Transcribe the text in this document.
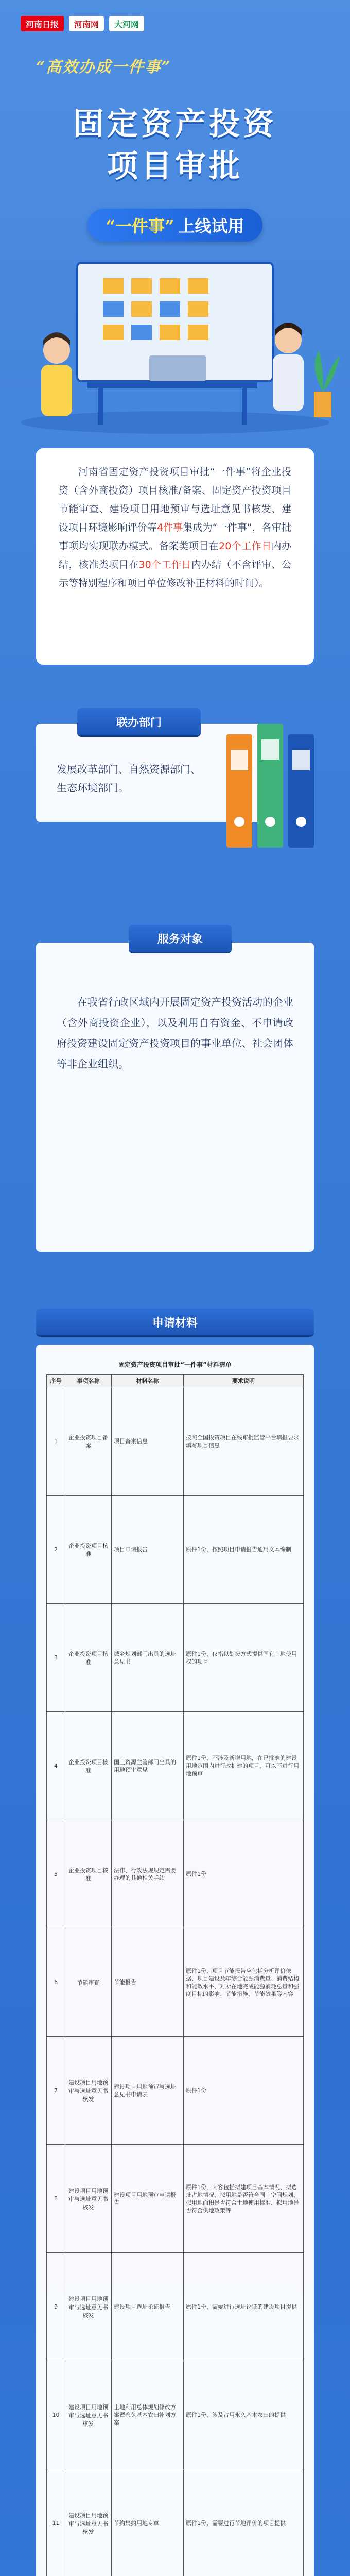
河南日报 河南网 大河网
“高效办成一件事”
固定资产投资
项目审批
“一件事” 上线试用

河南省固定资产投资项目审批“一件事”将企业投资（含外商投资）项目核准/备案、固定资产投资项目节能审查、建设项目用地预审与选址意见书核发、建设项目环境影响评价等4件事集成为“一件事”，各审批事项均实现联办模式。备案类项目在20个工作日内办结，核准类项目在30个工作日内办结（不含评审、公示等特别程序和项目单位修改补正材料的时间）。

发展改革部门、自然资源部门、

生态环境部门。

联办部门

在我省行政区域内开展固定资产投资活动的企业（含外商投资企业），以及利用自有资金、不申请政府投资建设固定资产投资项目的事业单位、社会团体等非企业组织。

服务对象
申请材料
固定资产投资项目审批“一件事”材料清单
序号	事项名称	材料名称	要求说明
1	企业投资项目备案	项目备案信息	按照全国投资项目在线审批监管平台填报要求填写项目信息
2	企业投资项目核准	项目申请报告	原件1份，按照项目申请报告通用文本编制
3	企业投资项目核准	城乡规划部门出具的选址意见书	原件1份，仅指以划拨方式提供国有土地使用权的项目
4	企业投资项目核准	国土资源主管部门出具的用地预审意见	原件1份，不涉及新增用地，在已批准的建设用地范围内进行改扩建的项目，可以不进行用地预审
5	企业投资项目核准	法律、行政法规规定需要办理的其他相关手续	原件1份
6	节能审查	节能报告	原件1份，项目节能报告应包括分析评价依据、项目建设及年综合能源消费量、消费结构和能效水平、对所在地完成能源消耗总量和强度目标的影响、节能措施、节能效果等内容
7	建设项目用地预审与选址意见书核发	建设项目用地预审与选址意见书申请表	原件1份
8	建设项目用地预审与选址意见书核发	建设项目用地预审申请报告	原件1份，内容包括拟建项目基本情况、拟选址占地情况、拟用地是否符合国土空间规划、拟用地面积是否符合土地使用标准、拟用地是否符合供地政策等
9	建设项目用地预审与选址意见书核发	建设项目选址论证报告	原件1份，需要进行选址论证的建设项目提供
10	建设项目用地预审与选址意见书核发	土地利用总体规划修改方案暨永久基本农田补划方案	原件1份，涉及占用永久基本农田的提供
11	建设项目用地预审与选址意见书核发	节约集约用地专章	原件1份，需要进行节地评价的项目提供
